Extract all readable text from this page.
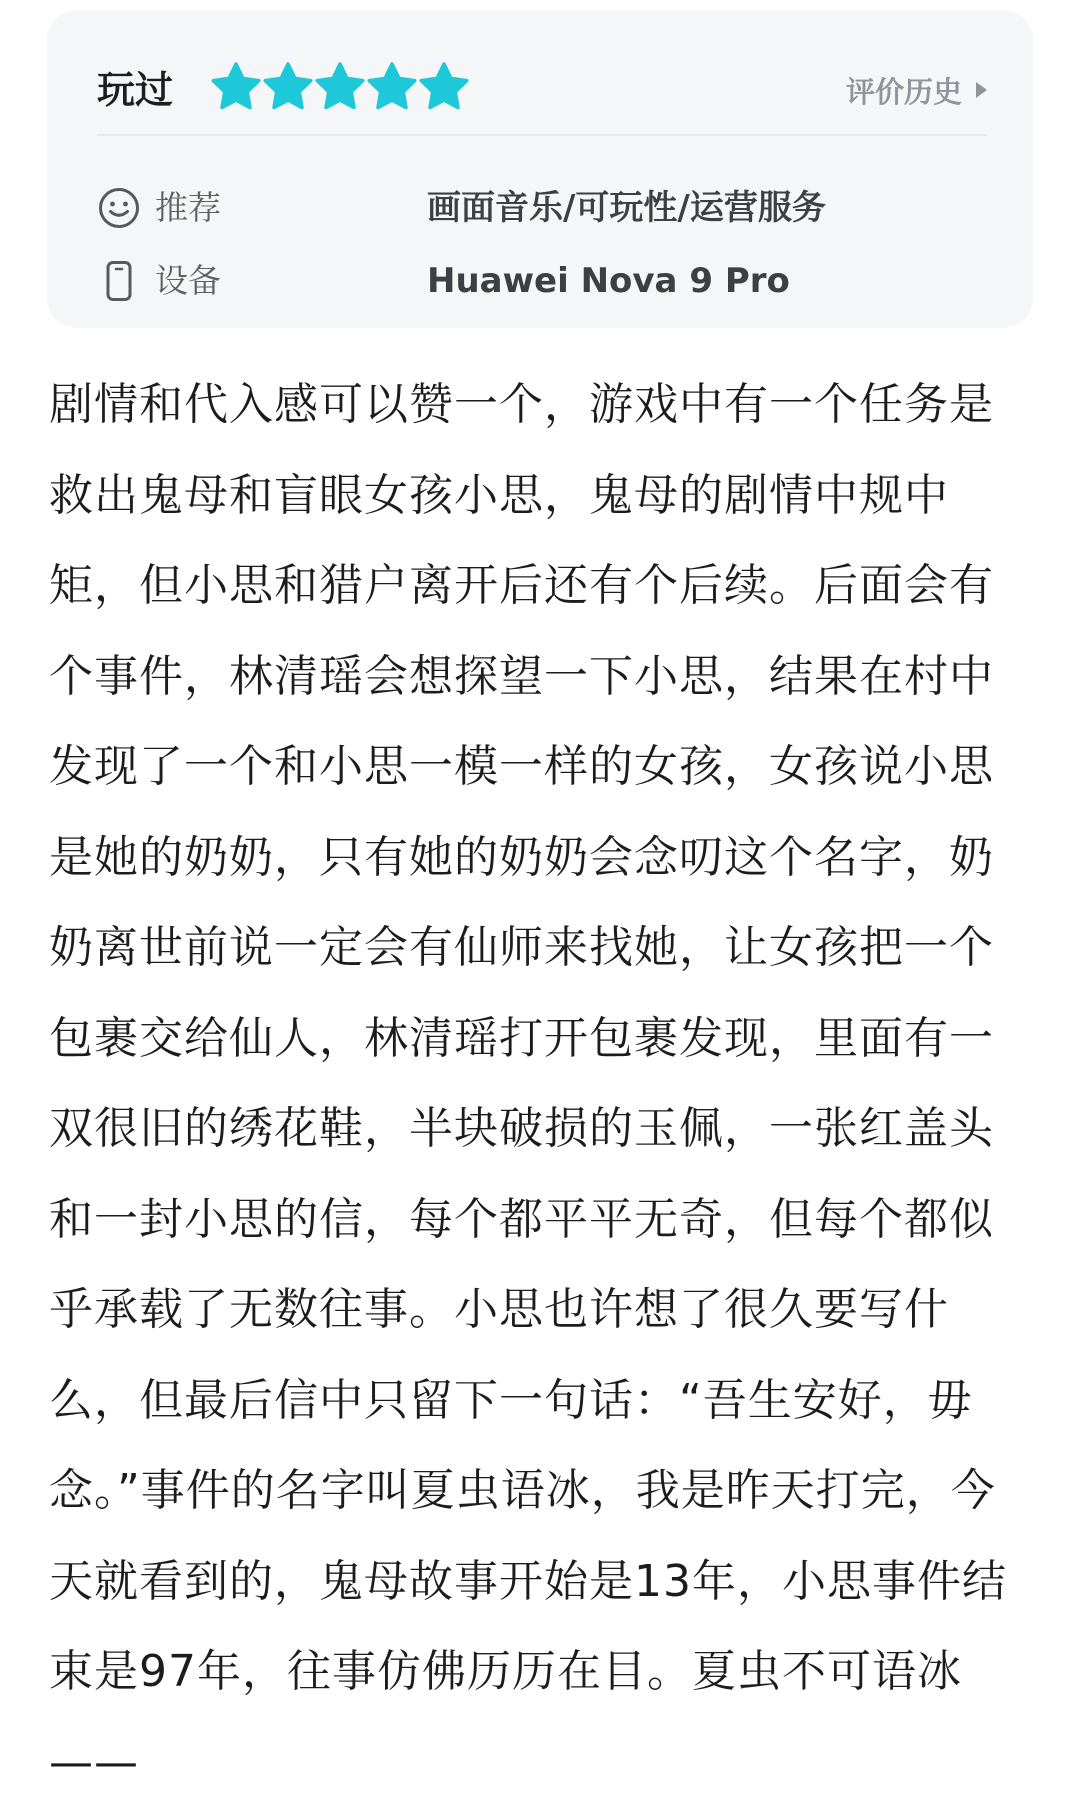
玩过	评价历史
推荐	画面音乐/可玩性/运营服务
设备	Huawei Nova 9 Pro

剧情和代入感可以赞一个，游戏中有一个任务是救出鬼母和盲眼女孩小思，鬼母的剧情中规中矩，但小思和猎户离开后还有个后续。后面会有个事件，林清瑶会想探望一下小思，结果在村中发现了一个和小思一模一样的女孩，女孩说小思是她的奶奶，只有她的奶奶会念叨这个名字，奶奶离世前说一定会有仙师来找她，让女孩把一个包裹交给仙人，林清瑶打开包裹发现，里面有一双很旧的绣花鞋，半块破损的玉佩，一张红盖头和一封小思的信，每个都平平无奇，但每个都似乎承载了无数往事。小思也许想了很久要写什么，但最后信中只留下一句话：“吾生安好，毋念。”事件的名字叫夏虫语冰，我是昨天打完，今天就看到的，鬼母故事开始是13年，小思事件结束是97年，往事仿佛历历在目。夏虫不可语冰——
